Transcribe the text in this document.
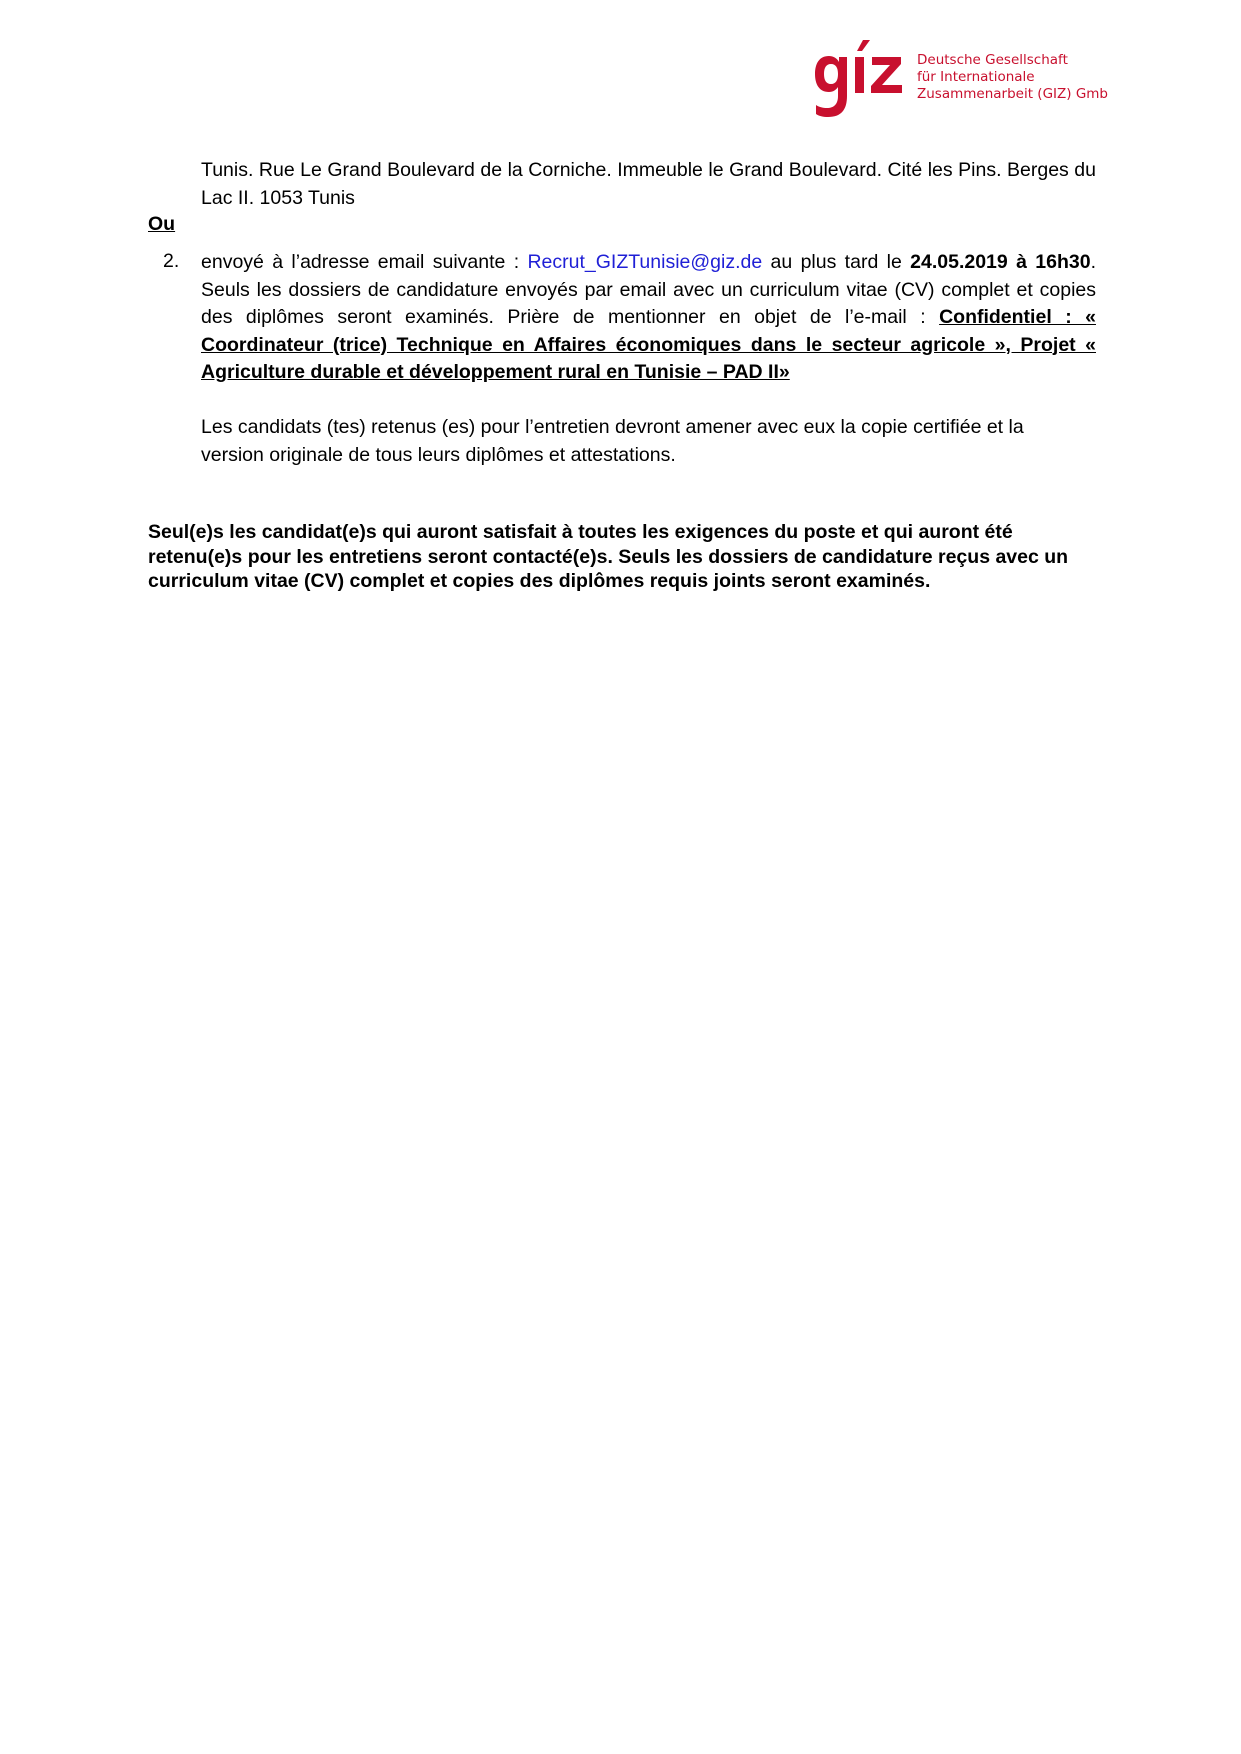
Deutsche Gesellschaft
für Internationale
Zusammenarbeit (GIZ) Gmb
Tunis. Rue Le Grand Boulevard de la Corniche. Immeuble le Grand Boulevard. Cité les Pins. Berges du Lac II. 1053 Tunis
Ou
2. envoyé à l’adresse email suivante : Recrut_GIZTunisie@giz.de au plus tard le 24.05.2019 à 16h30. Seuls les dossiers de candidature envoyés par email avec un curriculum vitae (CV) complet et copies des diplômes seront examinés. Prière de mentionner en objet de l’e-mail : Confidentiel : « Coordinateur (trice) Technique en Affaires économiques dans le secteur agricole », Projet « Agriculture durable et développement rural en Tunisie – PAD II»
Les candidats (tes) retenus (es) pour l’entretien devront amener avec eux la copie certifiée et la version originale de tous leurs diplômes et attestations.
Seul(e)s les candidat(e)s qui auront satisfait à toutes les exigences du poste et qui auront été retenu(e)s pour les entretiens seront contacté(e)s. Seuls les dossiers de candidature reçus avec un curriculum vitae (CV) complet et copies des diplômes requis joints seront examinés.
